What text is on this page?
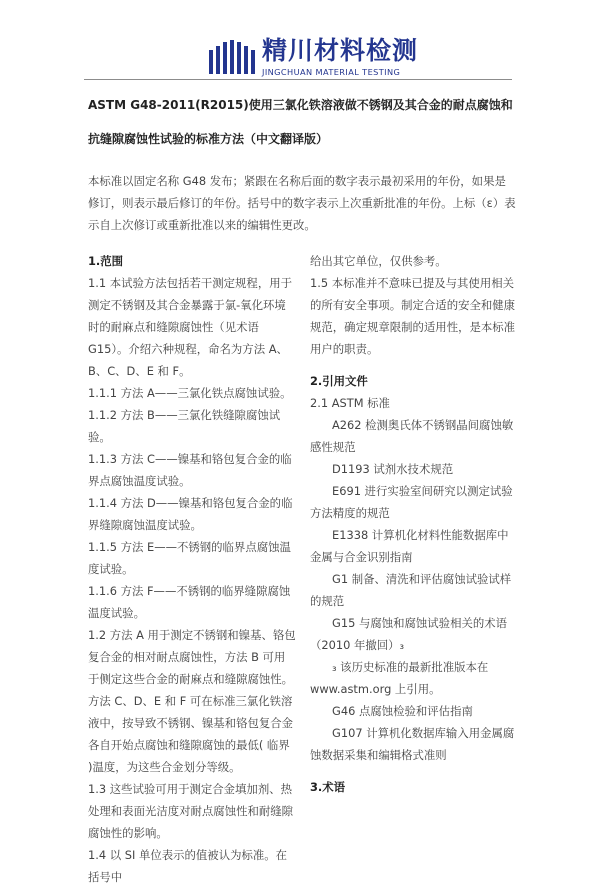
精川材料检测
JINGCHUAN MATERIAL TESTING
ASTM G48-2011(R2015)使用三氯化铁溶液做不锈钢及其合金的耐点腐蚀和抗缝隙腐蚀性试验的标准方法（中文翻译版）

本标准以固定名称 G48 发布；紧跟在名称后面的数字表示最初采用的年份，如果是修订，则表示最后修订的年份。括号中的数字表示上次重新批准的年份。上标（ε）表示自上次修订或重新批准以来的编辑性更改。

1.范围

1.1 本试验方法包括若干测定规程，用于测定不锈钢及其合金暴露于氯-氧化环境时的耐麻点和缝隙腐蚀性（见术语 G15）。介绍六种规程，命名为方法 A、B、C、D、E 和 F。

1.1.1 方法 A——三氯化铁点腐蚀试验。

1.1.2 方法 B——三氯化铁缝隙腐蚀试验。

1.1.3 方法 C——镍基和铬包复合金的临界点腐蚀温度试验。

1.1.4 方法 D——镍基和铬包复合金的临界缝隙腐蚀温度试验。

1.1.5 方法 E——不锈钢的临界点腐蚀温度试验。

1.1.6 方法 F——不锈钢的临界缝隙腐蚀温度试验。

1.2 方法 A 用于测定不锈钢和镍基、铬包复合金的相对耐点腐蚀性，方法 B 可用于侧定这些合金的耐麻点和缝隙腐蚀性。方法 C、D、E 和 F 可在标准三氯化铁溶液中，按导致不锈钢、镍基和铬包复合金各自开始点腐蚀和缝隙腐蚀的最低( 临界 )温度，为这些合金划分等级。

1.3 这些试验可用于测定合金填加剂、热处理和表面光洁度对耐点腐蚀性和耐缝隙腐蚀性的影响。

1.4 以 SI 单位表示的值被认为标准。在括号中

给出其它单位，仅供参考。

1.5 本标准并不意味已提及与其使用相关的所有安全事项。制定合适的安全和健康规范，确定规章限制的适用性，是本标准用户的职责。

2.引用文件

2.1 ASTM 标准

A262 检测奥氏体不锈钢晶间腐蚀敏感性规范

D1193 试剂水技术规范

E691 进行实验室间研究以测定试验方法精度的规范

E1338 计算机化材料性能数据库中金属与合金识别指南

G1 制备、清洗和评估腐蚀试验试样的规范

G15 与腐蚀和腐蚀试验相关的术语（2010 年撤回）₃

₃ 该历史标准的最新批准版本在 www.astm.org 上引用。

G46 点腐蚀检验和评估指南

G107 计算机化数据库输入用金属腐蚀数据采集和编辑格式准则

3.术语
